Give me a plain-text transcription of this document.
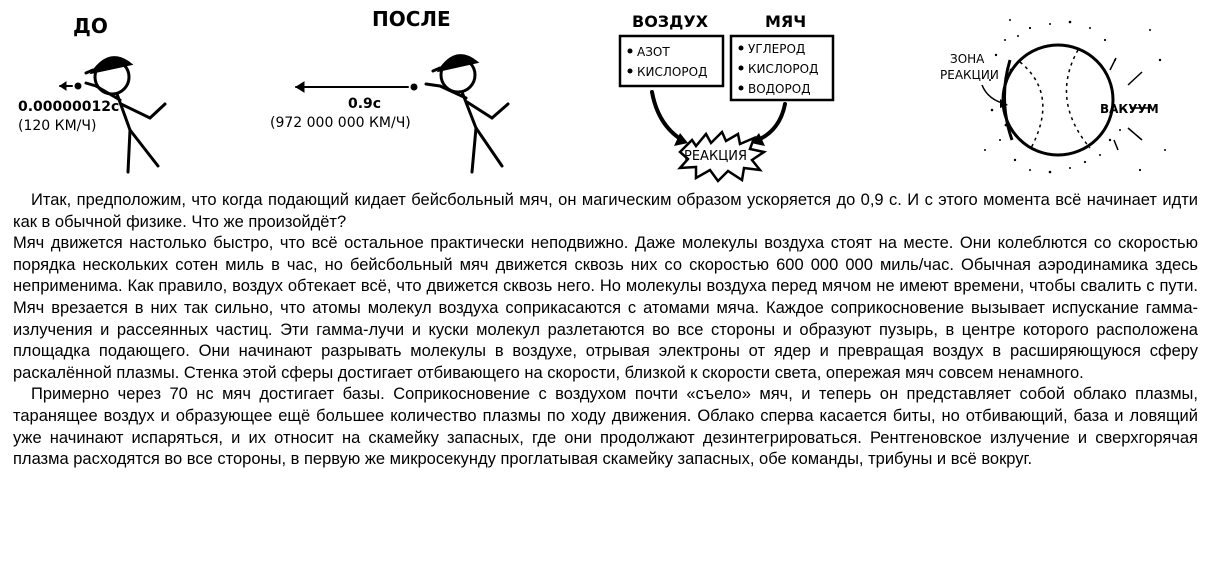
ДО
0.00000012c
(120 КМ/Ч)
ПОСЛЕ
0.9c
(972 000 000 КМ/Ч)
ВОЗДУХ
АЗОТ
КИСЛОРОД
МЯЧ
УГЛЕРОД
КИСЛОРОД
ВОДОРОД
РЕАКЦИЯ
ВАКУУМ
ЗОНА
РЕАКЦИИ

Итак, предположим, что когда подающий кидает бейсбольный мяч, он магическим образом ускоряется до 0,9 с. И с этого момента всё начинает идти как в обычной физике. Что же произойдёт?

Мяч движется настолько быстро, что всё остальное практически неподвижно. Даже молекулы воздуха стоят на месте. Они колеблются со скоростью порядка нескольких сотен миль в час, но бейсбольный мяч движется сквозь них со скоростью 600 000 000 миль/час. Обычная аэродинамика здесь неприменима. Как правило, воздух обтекает всё, что движется сквозь него. Но молекулы воздуха перед мячом не имеют времени, чтобы свалить с пути. Мяч врезается в них так сильно, что атомы молекул воздуха соприкасаются с атомами мяча. Каждое соприкосновение вызывает испускание гамма-излучения и рассеянных частиц. Эти гамма-лучи и куски молекул разлетаются во все стороны и образуют пузырь, в центре которого расположена площадка подающего. Они начинают разрывать молекулы в воздухе, отрывая электроны от ядер и превращая воздух в расширяющуюся сферу раскалённой плазмы. Стенка этой сферы достигает отбивающего на скорости, близкой к скорости света, опережая мяч совсем ненамного.

Примерно через 70 нс мяч достигает базы. Соприкосновение с воздухом почти «съело» мяч, и теперь он представляет собой облако плазмы, таранящее воздух и образующее ещё большее количество плазмы по ходу движения. Облако сперва касается биты, но отбивающий, база и ловящий уже начинают испаряться, и их относит на скамейку запасных, где они продолжают дезинтегрироваться. Рентгеновское излучение и сверхгорячая плазма расходятся во все стороны, в первую же микросекунду проглатывая скамейку запасных, обе команды, трибуны и всё вокруг.
